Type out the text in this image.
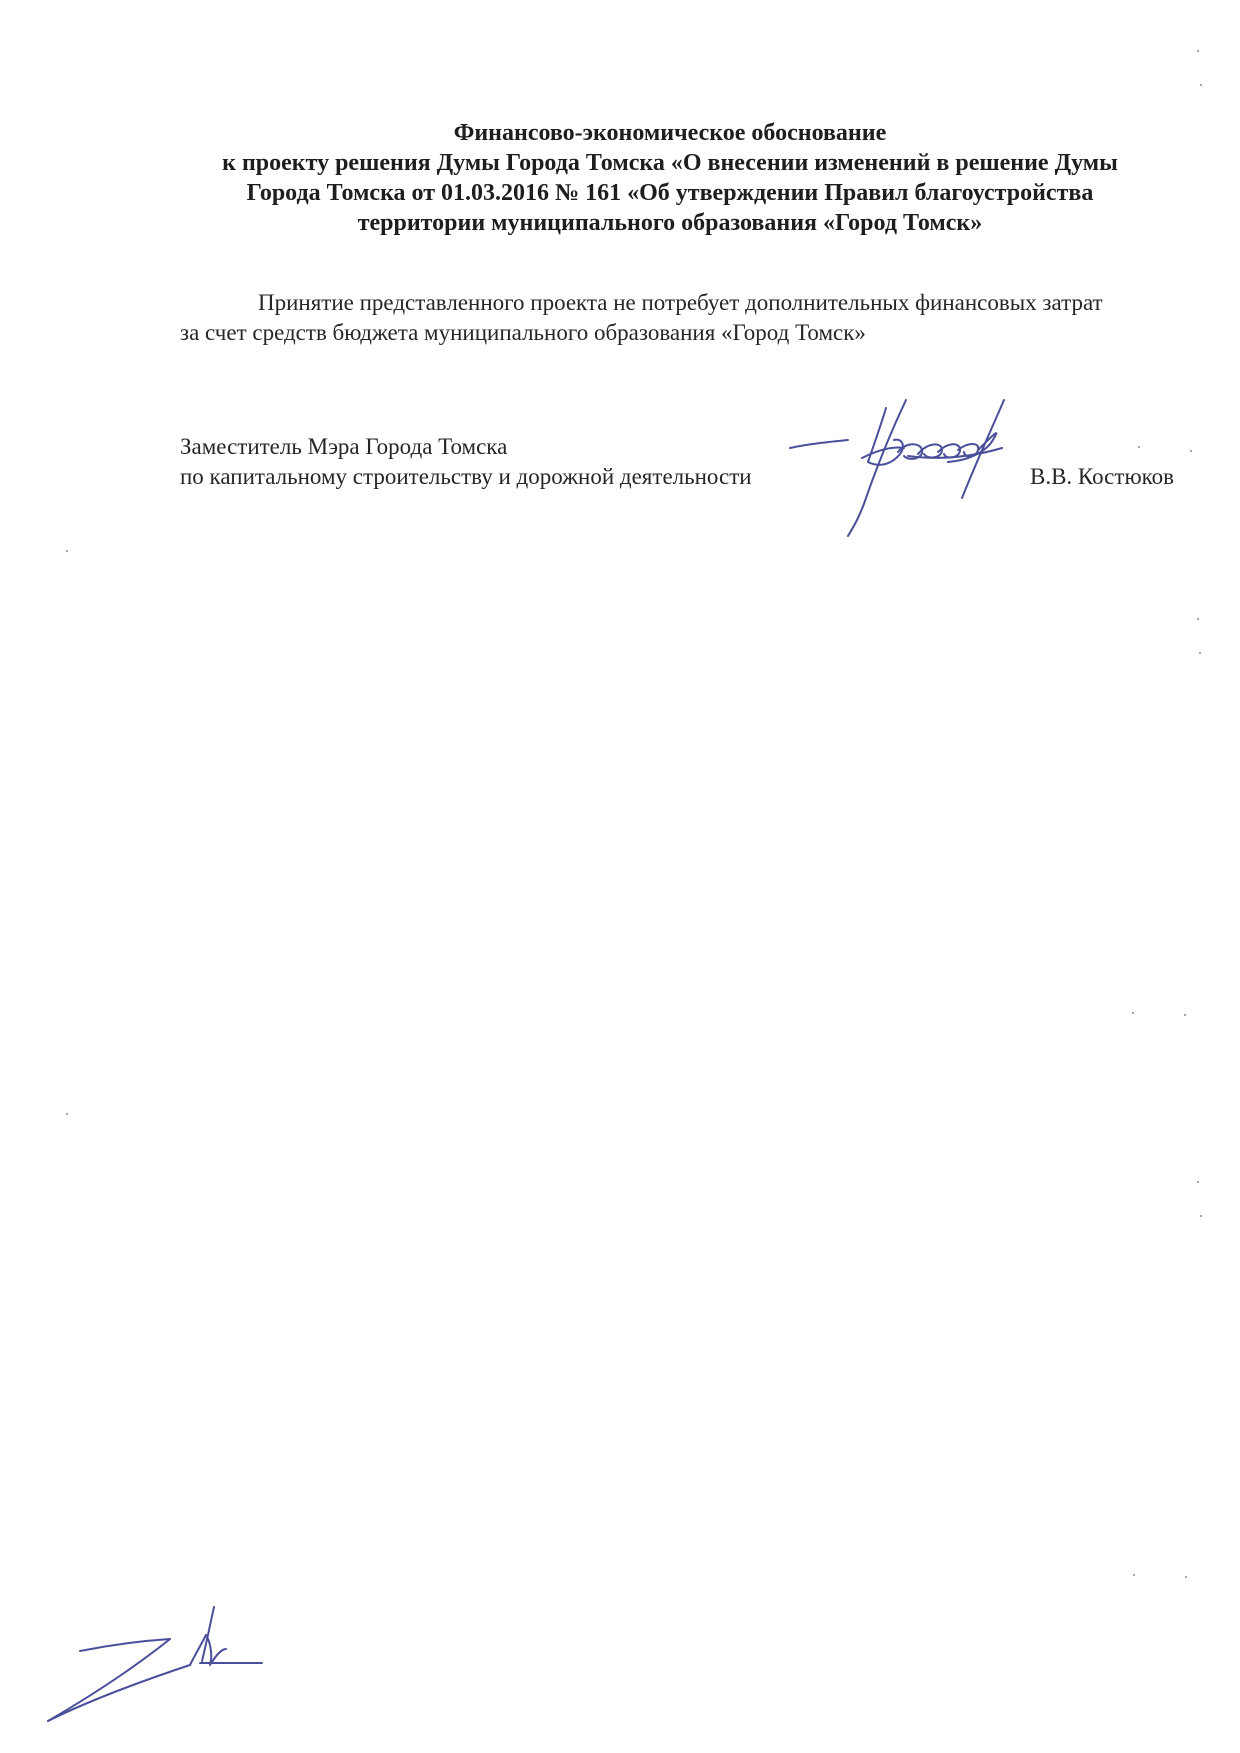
Финансово-экономическое обоснование
к проекту решения Думы Города Томска «О внесении изменений в решение Думы
Города Томска от 01.03.2016 № 161 «Об утверждении Правил благоустройства
территории муниципального образования «Город Томск»
Принятие представленного проекта не потребует дополнительных финансовых затрат
за счет средств бюджета муниципального образования «Город Томск»
Заместитель Мэра Города Томска
по капитальному строительству и дорожной деятельности	В.В. Костюков
